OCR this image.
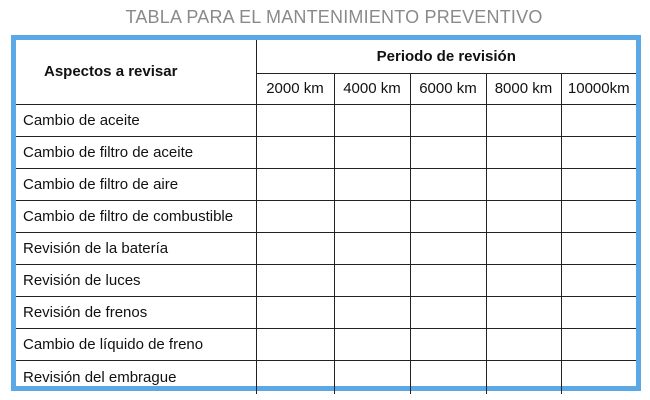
TABLA PARA EL MANTENIMIENTO PREVENTIVO
Aspectos a revisar	Periodo de revisión				
	2000 km	4000 km	6000 km	8000 km	10000km
Cambio de aceite					
Cambio de filtro de aceite					
Cambio de filtro de aire					
Cambio de filtro de combustible					
Revisión de la batería					
Revisión de luces					
Revisión de frenos					
Cambio de líquido de freno					
Revisión del embrague					
